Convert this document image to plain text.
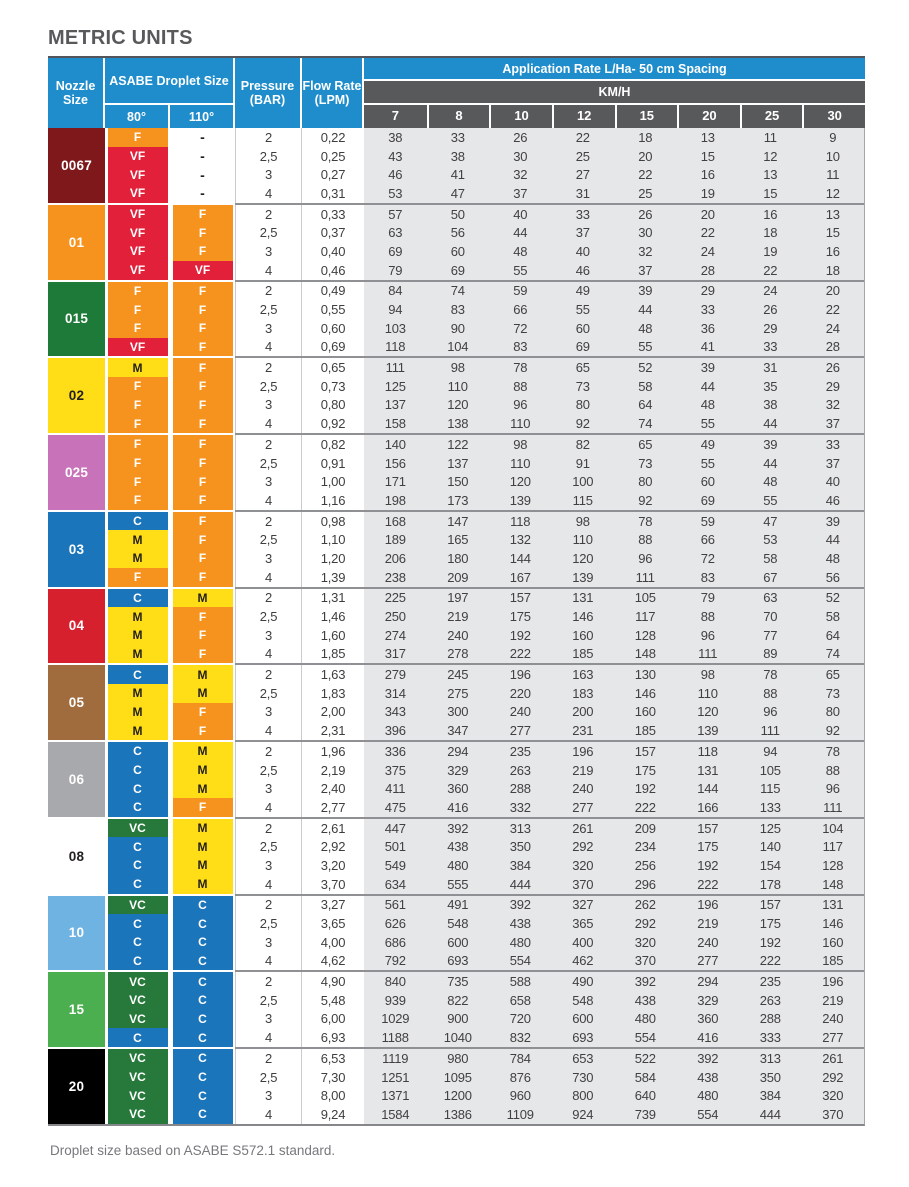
METRIC UNITS
Nozzle Size
ASABE Droplet Size
80°	110°
Pressure (BAR)
Flow Rate (LPM)
Application Rate L/Ha- 50 cm Spacing
KM/H
7	8	10	12	15	20	25	30
0067
F	-	2	0,22	38	33	26	22	18	13	11	9
VF	-	2,5	0,25	43	38	30	25	20	15	12	10
VF	-	3	0,27	46	41	32	27	22	16	13	11
VF	-	4	0,31	53	47	37	31	25	19	15	12
01
VF	F	2	0,33	57	50	40	33	26	20	16	13
VF	F	2,5	0,37	63	56	44	37	30	22	18	15
VF	F	3	0,40	69	60	48	40	32	24	19	16
VF	VF	4	0,46	79	69	55	46	37	28	22	18
015
F	F	2	0,49	84	74	59	49	39	29	24	20
F	F	2,5	0,55	94	83	66	55	44	33	26	22
F	F	3	0,60	103	90	72	60	48	36	29	24
VF	F	4	0,69	118	104	83	69	55	41	33	28
02
M	F	2	0,65	111	98	78	65	52	39	31	26
F	F	2,5	0,73	125	110	88	73	58	44	35	29
F	F	3	0,80	137	120	96	80	64	48	38	32
F	F	4	0,92	158	138	110	92	74	55	44	37
025
F	F	2	0,82	140	122	98	82	65	49	39	33
F	F	2,5	0,91	156	137	110	91	73	55	44	37
F	F	3	1,00	171	150	120	100	80	60	48	40
F	F	4	1,16	198	173	139	115	92	69	55	46
03
C	F	2	0,98	168	147	118	98	78	59	47	39
M	F	2,5	1,10	189	165	132	110	88	66	53	44
M	F	3	1,20	206	180	144	120	96	72	58	48
F	F	4	1,39	238	209	167	139	111	83	67	56
04
C	M	2	1,31	225	197	157	131	105	79	63	52
M	F	2,5	1,46	250	219	175	146	117	88	70	58
M	F	3	1,60	274	240	192	160	128	96	77	64
M	F	4	1,85	317	278	222	185	148	111	89	74
05
C	M	2	1,63	279	245	196	163	130	98	78	65
M	M	2,5	1,83	314	275	220	183	146	110	88	73
M	F	3	2,00	343	300	240	200	160	120	96	80
M	F	4	2,31	396	347	277	231	185	139	111	92
06
C	M	2	1,96	336	294	235	196	157	118	94	78
C	M	2,5	2,19	375	329	263	219	175	131	105	88
C	M	3	2,40	411	360	288	240	192	144	115	96
C	F	4	2,77	475	416	332	277	222	166	133	111
08
VC	M	2	2,61	447	392	313	261	209	157	125	104
C	M	2,5	2,92	501	438	350	292	234	175	140	117
C	M	3	3,20	549	480	384	320	256	192	154	128
C	M	4	3,70	634	555	444	370	296	222	178	148
10
VC	C	2	3,27	561	491	392	327	262	196	157	131
C	C	2,5	3,65	626	548	438	365	292	219	175	146
C	C	3	4,00	686	600	480	400	320	240	192	160
C	C	4	4,62	792	693	554	462	370	277	222	185
15
VC	C	2	4,90	840	735	588	490	392	294	235	196
VC	C	2,5	5,48	939	822	658	548	438	329	263	219
VC	C	3	6,00	1029	900	720	600	480	360	288	240
C	C	4	6,93	1188	1040	832	693	554	416	333	277
20
VC	C	2	6,53	1119	980	784	653	522	392	313	261
VC	C	2,5	7,30	1251	1095	876	730	584	438	350	292
VC	C	3	8,00	1371	1200	960	800	640	480	384	320
VC	C	4	9,24	1584	1386	1109	924	739	554	444	370
Droplet size based on ASABE S572.1 standard.
